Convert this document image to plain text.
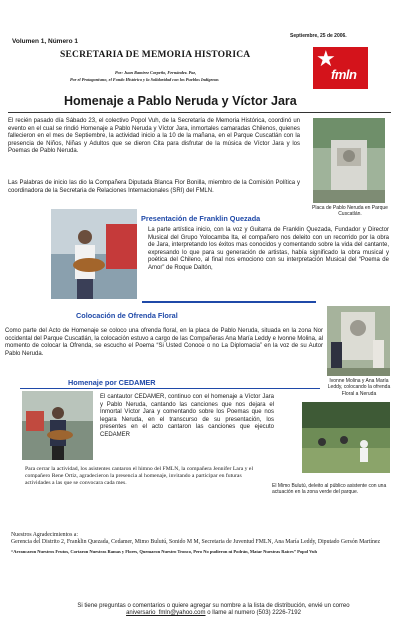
Volumen 1, Número 1
Septiembre, 25 de 2006.
SECRETARIA DE MEMORIA HISTORICA
Por: Juan Ramírez Corpeño, Fernández. Paz,
Por el Protagonismo, el Fondo Histórico y la Solidaridad con los Pueblos Indígenas
★
fmln
Homenaje a Pablo Neruda y Víctor Jara
El recién pasado día Sábado 23, el colectivo Popol Vuh, de la Secretaría de Memoria Histórica, coordinó un evento en el cual se rindió Homenaje a Pablo Neruda y Víctor Jara, inmortales camaradas Chilenos, quienes fallecieron en el mes de Septiembre, la actividad inicio a la 10 de la mañana, en el Parque Cuscatlán con la presencia de Niños, Niñas y Adultos que se dieron Cita para disfrutar de la música de Víctor Jara y los Poemas de Pablo Neruda.
Las Palabras de inicio las dio la Compañera Diputada Blanca Flor Bonilla, miembro de la Comisión Política y coordinadora de la Secretaria de Relaciones Internacionales (SRI) del FMLN.
Placa de Pablo Neruda en Parque Cuscatlán.
Presentación de Franklin Quezada
La parte artística inicio, con la voz y Guitarra de Franklin Quezada, Fundador y Director Musical del Grupo Yolocamba Ita, el compañero nos deleito con un recorrido por la obra de Jara, interpretando los éxitos mas conocidos y comentando sobre la vida del cantante, expresando lo que para su generación de artistas, había significado la obra musical y poética del Chileno, al final nos emociono con su interpretación Musical del “Poema de Amor” de Roque Daltón,
Colocación de Ofrenda Floral
Como parte del Acto de Homenaje se coloco una ofrenda floral, en la placa de Pablo Neruda, situada en la zona Nor occidental del Parque Cuscatlán, la colocación estuvo a cargo de las Compañeras Ana María Leddy e Ivonne Molina, al momento de colocar la Ofrenda, se escucho el Poema “Si Usted Conoce o no La Diplomacia” en la voz de su Autor Pablo Neruda.
Ivonne Molina y Ana María Leddy, colocando la ofrenda Floral a Neruda
Homenaje por CEDAMER
El cantautor CEDAMER, continuo con el homenaje a Víctor Jara y Pablo Neruda, cantando las canciones que nos dejara el Inmortal Víctor Jara y comentando sobre los Poemas que nos legara Neruda, en el transcurso de su presentación, los presentes en el acto cantaron las canciones que ejecuto CEDAMER
El Mimo Bulutú, deleito al público asistente con una actuación en la zona verde del parque.
Para cerrar la actividad, los asistentes cantaron el himno del FMLN, la compañera Jennifer Lara y el compañero Rene Ortiz, agradecieron la presencia al homenaje, invitando a participar en futuras actividades a las que se convocara cada mes.
Nuestros Agradecimientos a:
Gerencia del Distrito 2, Franklin Quezada, Cedamer, Mimo Bulutú, Sonido M M, Secretaria de Juventud FMLN, Ana María Leddy, Diputado Gersón Martínez
“Arrancaron Nuestros Frutos, Cortaron Nuestras Ramas y Flores, Quemaron Nuestro Tronco, Pero No pudieron ni Podrán, Matar Nuestras Raíces” Popol Vuh
Si tiene preguntas o comentarios o quiere agregar su nombre a la lista de distribución, envié un correo
aniversario_fmln@yahoo.com o llame al numero (503) 2226-7192
